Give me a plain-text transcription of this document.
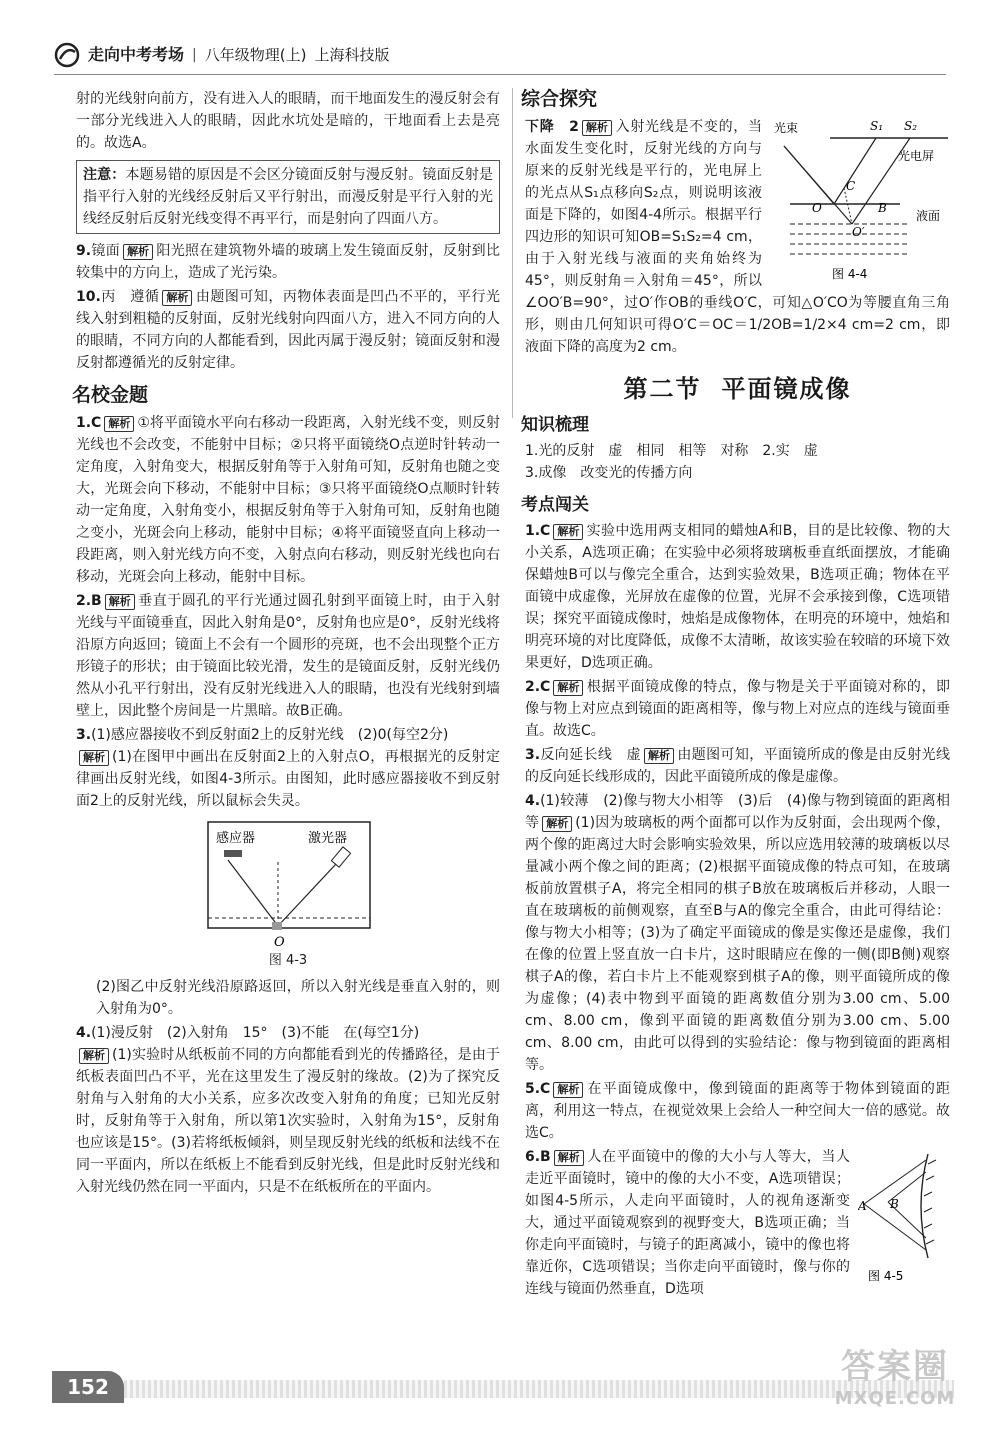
走向中考考场 | 八年级物理(上) 上海科技版

射的光线射向前方，没有进入人的眼睛，而干地面发生的漫反射会有一部分光线进入人的眼睛，因此水坑处是暗的，干地面看上去是亮的。故选A。

注意：本题易错的原因是不会区分镜面反射与漫反射。镜面反射是指平行入射的光线经反射后又平行射出，而漫反射是平行入射的光线经反射后反射光线变得不再平行，而是射向了四面八方。

9.镜面 解析 阳光照在建筑物外墙的玻璃上发生镜面反射，反射到比较集中的方向上，造成了光污染。

10.丙　遵循 解析 由题图可知，丙物体表面是凹凸不平的，平行光线入射到粗糙的反射面，反射光线射向四面八方，进入不同方向的人的眼睛，不同方向的人都能看到，因此丙属于漫反射；镜面反射和漫反射都遵循光的反射定律。

名校金题

1.C 解析 ①将平面镜水平向右移动一段距离，入射光线不变，则反射光线也不会改变，不能射中目标；②只将平面镜绕O点逆时针转动一定角度，入射角变大，根据反射角等于入射角可知，反射角也随之变大，光斑会向下移动，不能射中目标；③只将平面镜绕O点顺时针转动一定角度，入射角变小，根据反射角等于入射角可知，反射角也随之变小，光斑会向上移动，能射中目标；④将平面镜竖直向上移动一段距离，则入射光线方向不变，入射点向右移动，则反射光线也向右移动，光斑会向上移动，能射中目标。

2.B 解析 垂直于圆孔的平行光通过圆孔射到平面镜上时，由于入射光线与平面镜垂直，因此入射角是0°，反射角也应是0°，反射光线将沿原方向返回；镜面上不会有一个圆形的亮斑，也不会出现整个正方形镜子的形状；由于镜面比较光滑，发生的是镜面反射，反射光线仍然从小孔平行射出，没有反射光线进入人的眼睛，也没有光线射到墙壁上，因此整个房间是一片黑暗。故B正确。

3.(1)感应器接收不到反射面2上的反射光线　(2)0(每空2分)
解析 (1)在图甲中画出在反射面2上的入射点O，再根据光的反射定律画出反射光线，如图4-3所示。由图知，此时感应器接收不到反射面2上的反射光线，所以鼠标会失灵。

感应器	激光器
O
图 4-3

(2)图乙中反射光线沿原路返回，所以入射光线是垂直入射的，则入射角为0°。

4.(1)漫反射　(2)入射角　15°　(3)不能　在(每空1分)
解析 (1)实验时从纸板前不同的方向都能看到光的传播路径，是由于纸板表面凹凸不平，光在这里发生了漫反射的缘故。(2)为了探究反射角与入射角的大小关系，应多次改变入射角的角度；已知光反射时，反射角等于入射角，所以第1次实验时，入射角为15°，反射角也应该是15°。(3)若将纸板倾斜，则呈现反射光线的纸板和法线不在同一平面内，所以在纸板上不能看到反射光线，但是此时反射光线和入射光线仍然在同一平面内，只是不在纸板所在的平面内。

综合探究
光束	S₁ S₂
光电屏
C
O	B
O′
液面
图 4-4

下降　2 解析 入射光线是不变的，当水面发生变化时，反射光线的方向与原来的反射光线是平行的，光电屏上的光点从S₁点移向S₂点，则说明该液面是下降的，如图4-4所示。根据平行四边形的知识可知OB=S₁S₂=4 cm，由于入射光线与液面的夹角始终为45°，则反射角＝入射角＝45°，所以∠OO′B=90°，过O′作OB的垂线O′C，可知△O′CO为等腰直角三角形，则由几何知识可得O′C＝OC＝1/2OB=1/2×4 cm=2 cm，即液面下降的高度为2 cm。

第二节 平面镜成像
知识梳理

1.光的反射　虚　相同　相等　对称　2.实　虚

3.成像　改变光的传播方向

考点闯关

1.C 解析 实验中选用两支相同的蜡烛A和B，目的是比较像、物的大小关系，A选项正确；在实验中必须将玻璃板垂直纸面摆放，才能确保蜡烛B可以与像完全重合，达到实验效果，B选项正确；物体在平面镜中成虚像，光屏放在虚像的位置，光屏不会承接到像，C选项错误；探究平面镜成像时，烛焰是成像物体，在明亮的环境中，烛焰和明亮环境的对比度降低，成像不太清晰，故该实验在较暗的环境下效果更好，D选项正确。

2.C 解析 根据平面镜成像的特点，像与物是关于平面镜对称的，即像与物上对应点到镜面的距离相等，像与物上对应点的连线与镜面垂直。故选C。

3.反向延长线　虚 解析 由题图可知，平面镜所成的像是由反射光线的反向延长线形成的，因此平面镜所成的像是虚像。

4.(1)较薄　(2)像与物大小相等　(3)后　(4)像与物到镜面的距离相等 解析 (1)因为玻璃板的两个面都可以作为反射面，会出现两个像，两个像的距离过大时会影响实验效果，所以应选用较薄的玻璃板以尽量减小两个像之间的距离；(2)根据平面镜成像的特点可知，在玻璃板前放置棋子A，将完全相同的棋子B放在玻璃板后并移动，人眼一直在玻璃板的前侧观察，直至B与A的像完全重合，由此可得结论：像与物大小相等；(3)为了确定平面镜成的像是实像还是虚像，我们在像的位置上竖直放一白卡片，这时眼睛应在像的一侧(即B侧)观察棋子A的像，若白卡片上不能观察到棋子A的像，则平面镜所成的像为虚像；(4)表中物到平面镜的距离数值分别为3.00 cm、5.00 cm、8.00 cm，像到平面镜的距离数值分别为3.00 cm、5.00 cm、8.00 cm，由此可以得到的实验结论：像与物到镜面的距离相等。

5.C 解析 在平面镜成像中，像到镜面的距离等于物体到镜面的距离，利用这一特点，在视觉效果上会给人一种空间大一倍的感觉。故选C。

A B
图 4-5

6.B 解析 人在平面镜中的像的大小与人等大，当人走近平面镜时，镜中的像的大小不变，A选项错误；如图4-5所示，人走向平面镜时，人的视角逐渐变大，通过平面镜观察到的视野变大，B选项正确；当你走向平面镜时，与镜子的距离减小，镜中的像也将靠近你，C选项错误；当你走向平面镜时，像与你的连线与镜面仍然垂直，D选项

152	答案圈
MXQE.COM
